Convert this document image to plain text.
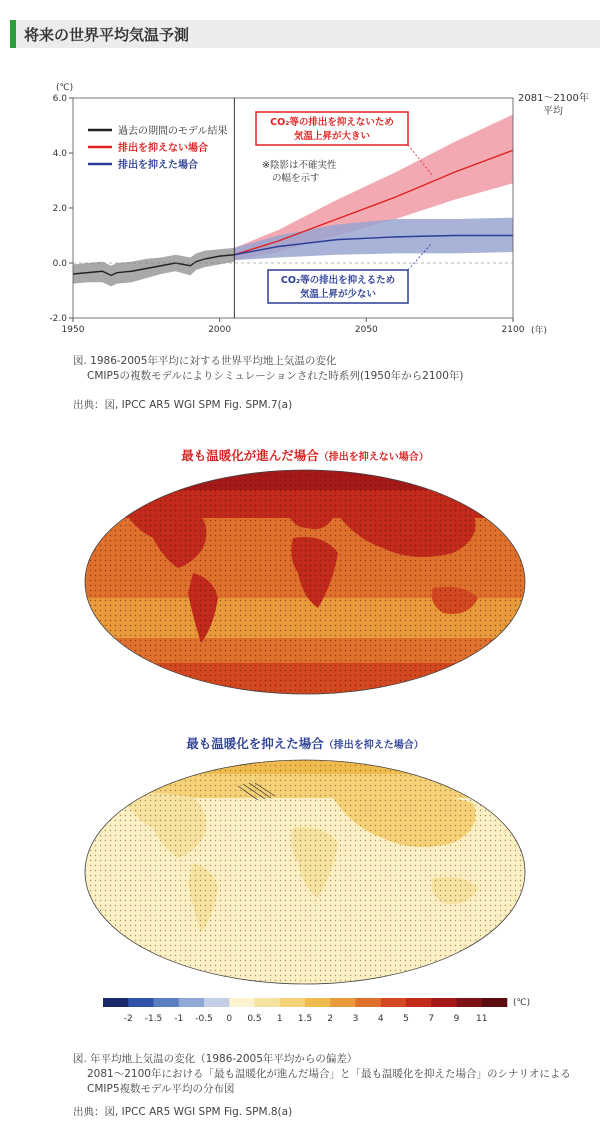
将来の世界平均気温予測
-2.0
0.0
2.0
4.0
6.0
1950	2000	2050	2100
(℃)
(年)
2081～2100年
平均
過去の期間のモデル結果
排出を抑えない場合
排出を抑えた場合	※陰影は不確実性
の幅を示す
CO₂等の排出を抑えないため
気温上昇が大きい
CO₂等の排出を抑えるため
気温上昇が少ない
図. 1986-2005年平均に対する世界平均地上気温の変化
CMIP5の複数モデルによりシミュレーションされた時系列(1950年から2100年)
出典：図, IPCC AR5 WGI SPM Fig. SPM.7(a)
最も温暖化が進んだ場合（排出を抑えない場合）
最も温暖化を抑えた場合（排出を抑えた場合）
-2 -1.5 -1 -0.5 0 0.5 1 1.5 2 3 4 5 7 9 11
(℃)
図. 年平均地上気温の変化（1986-2005年平均からの偏差）
2081～2100年における「最も温暖化が進んだ場合」と「最も温暖化を抑えた場合」のシナリオによる
CMIP5複数モデル平均の分布図
出典：図, IPCC AR5 WGI SPM Fig. SPM.8(a)
